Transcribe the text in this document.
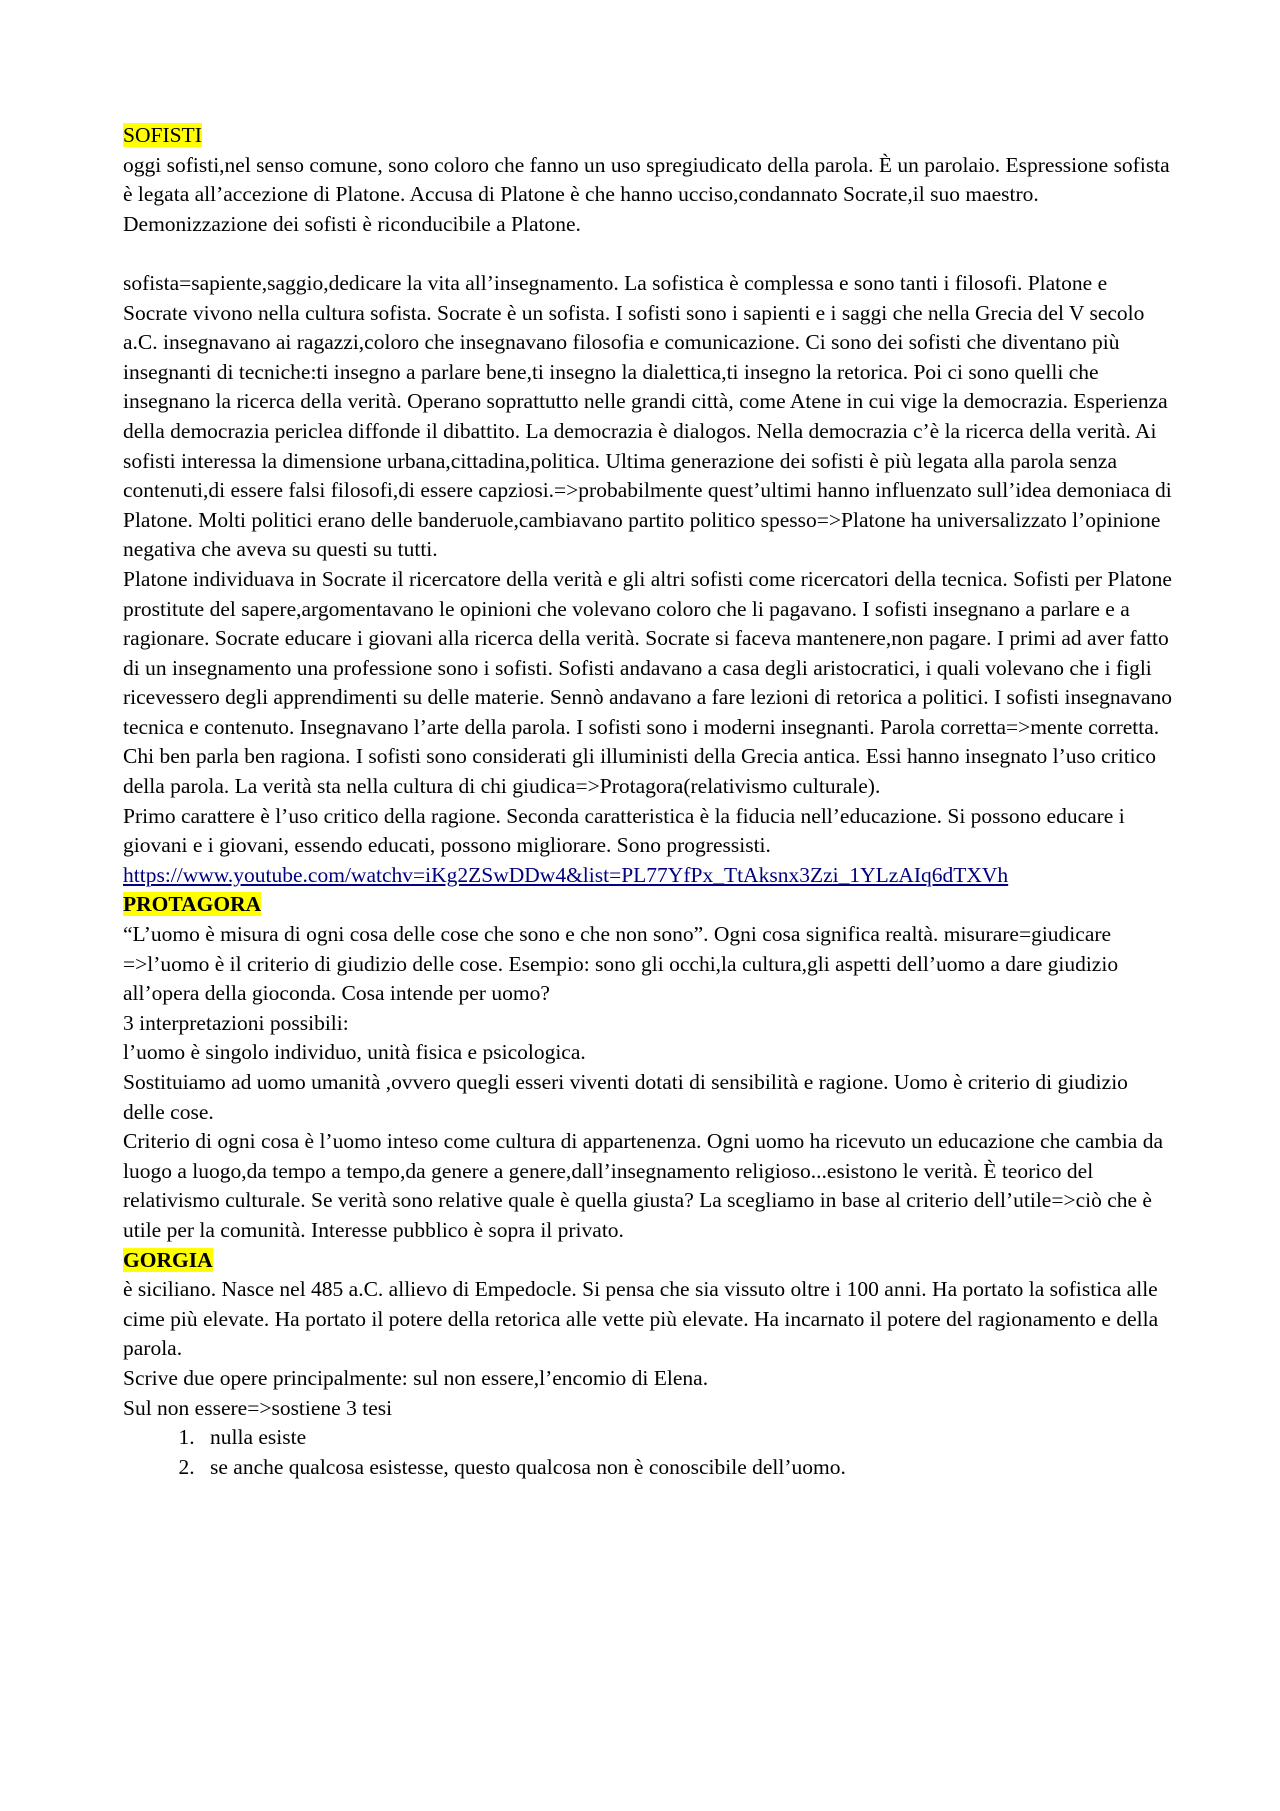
SOFISTI

oggi sofisti,nel senso comune, sono coloro che fanno un uso spregiudicato della parola. È un parolaio. Espressione sofista è legata all’accezione di Platone. Accusa di Platone è che hanno ucciso,condannato Socrate,il suo maestro. Demonizzazione dei sofisti è riconducibile a Platone.

sofista=sapiente,saggio,dedicare la vita all’insegnamento. La sofistica è complessa e sono tanti i filosofi. Platone e Socrate vivono nella cultura sofista. Socrate è un sofista. I sofisti sono i sapienti e i saggi che nella Grecia del V secolo a.C. insegnavano ai ragazzi,coloro che insegnavano filosofia e comunicazione. Ci sono dei sofisti che diventano più insegnanti di tecniche:ti insegno a parlare bene,ti insegno la dialettica,ti insegno la retorica. Poi ci sono quelli che insegnano la ricerca della verità. Operano soprattutto nelle grandi città, come Atene in cui vige la democrazia. Esperienza della democrazia periclea diffonde il dibattito. La democrazia è dialogos. Nella democrazia c’è la ricerca della verità. Ai sofisti interessa la dimensione urbana,cittadina,politica. Ultima generazione dei sofisti è più legata alla parola senza contenuti,di essere falsi filosofi,di essere capziosi.=>probabilmente quest’ultimi hanno influenzato sull’idea demoniaca di Platone. Molti politici erano delle banderuole,cambiavano partito politico spesso=>Platone ha universalizzato l’opinione negativa che aveva su questi su tutti.

Platone individuava in Socrate il ricercatore della verità e gli altri sofisti come ricercatori della tecnica. Sofisti per Platone prostitute del sapere,argomentavano le opinioni che volevano coloro che li pagavano. I sofisti insegnano a parlare e a ragionare. Socrate educare i giovani alla ricerca della verità. Socrate si faceva mantenere,non pagare. I primi ad aver fatto di un insegnamento una professione sono i sofisti. Sofisti andavano a casa degli aristocratici, i quali volevano che i figli ricevessero degli apprendimenti su delle materie. Sennò andavano a fare lezioni di retorica a politici. I sofisti insegnavano tecnica e contenuto. Insegnavano l’arte della parola. I sofisti sono i moderni insegnanti. Parola corretta=>mente corretta. Chi ben parla ben ragiona. I sofisti sono considerati gli illuministi della Grecia antica. Essi hanno insegnato l’uso critico della parola. La verità sta nella cultura di chi giudica=>Protagora(relativismo culturale).

Primo carattere è l’uso critico della ragione. Seconda caratteristica è la fiducia nell’educazione. Si possono educare i giovani e i giovani, essendo educati, possono migliorare. Sono progressisti.

https://www.youtube.com/watchv=iKg2ZSwDDw4&list=PL77YfPx_TtAksnx3Zzi_1YLzAIq6dTXVh

PROTAGORA

“L’uomo è misura di ogni cosa delle cose che sono e che non sono”. Ogni cosa significa realtà. misurare=giudicare =>l’uomo è il criterio di giudizio delle cose. Esempio: sono gli occhi,la cultura,gli aspetti dell’uomo a dare giudizio all’opera della gioconda. Cosa intende per uomo?

3 interpretazioni possibili:

l’uomo è singolo individuo, unità fisica e psicologica.

Sostituiamo ad uomo umanità ,ovvero quegli esseri viventi dotati di sensibilità e ragione. Uomo è criterio di giudizio delle cose.

Criterio di ogni cosa è l’uomo inteso come cultura di appartenenza. Ogni uomo ha ricevuto un educazione che cambia da luogo a luogo,da tempo a tempo,da genere a genere,dall’insegnamento religioso...esistono le verità. È teorico del relativismo culturale. Se verità sono relative quale è quella giusta? La scegliamo in base al criterio dell’utile=>ciò che è utile per la comunità. Interesse pubblico è sopra il privato.

GORGIA

è siciliano. Nasce nel 485 a.C. allievo di Empedocle. Si pensa che sia vissuto oltre i 100 anni. Ha portato la sofistica alle cime più elevate. Ha portato il potere della retorica alle vette più elevate. Ha incarnato il potere del ragionamento e della parola.

Scrive due opere principalmente: sul non essere,l’encomio di Elena.

Sul non essere=>sostiene 3 tesi

1. nulla esiste
2. se anche qualcosa esistesse, questo qualcosa non è conoscibile dell’uomo.
